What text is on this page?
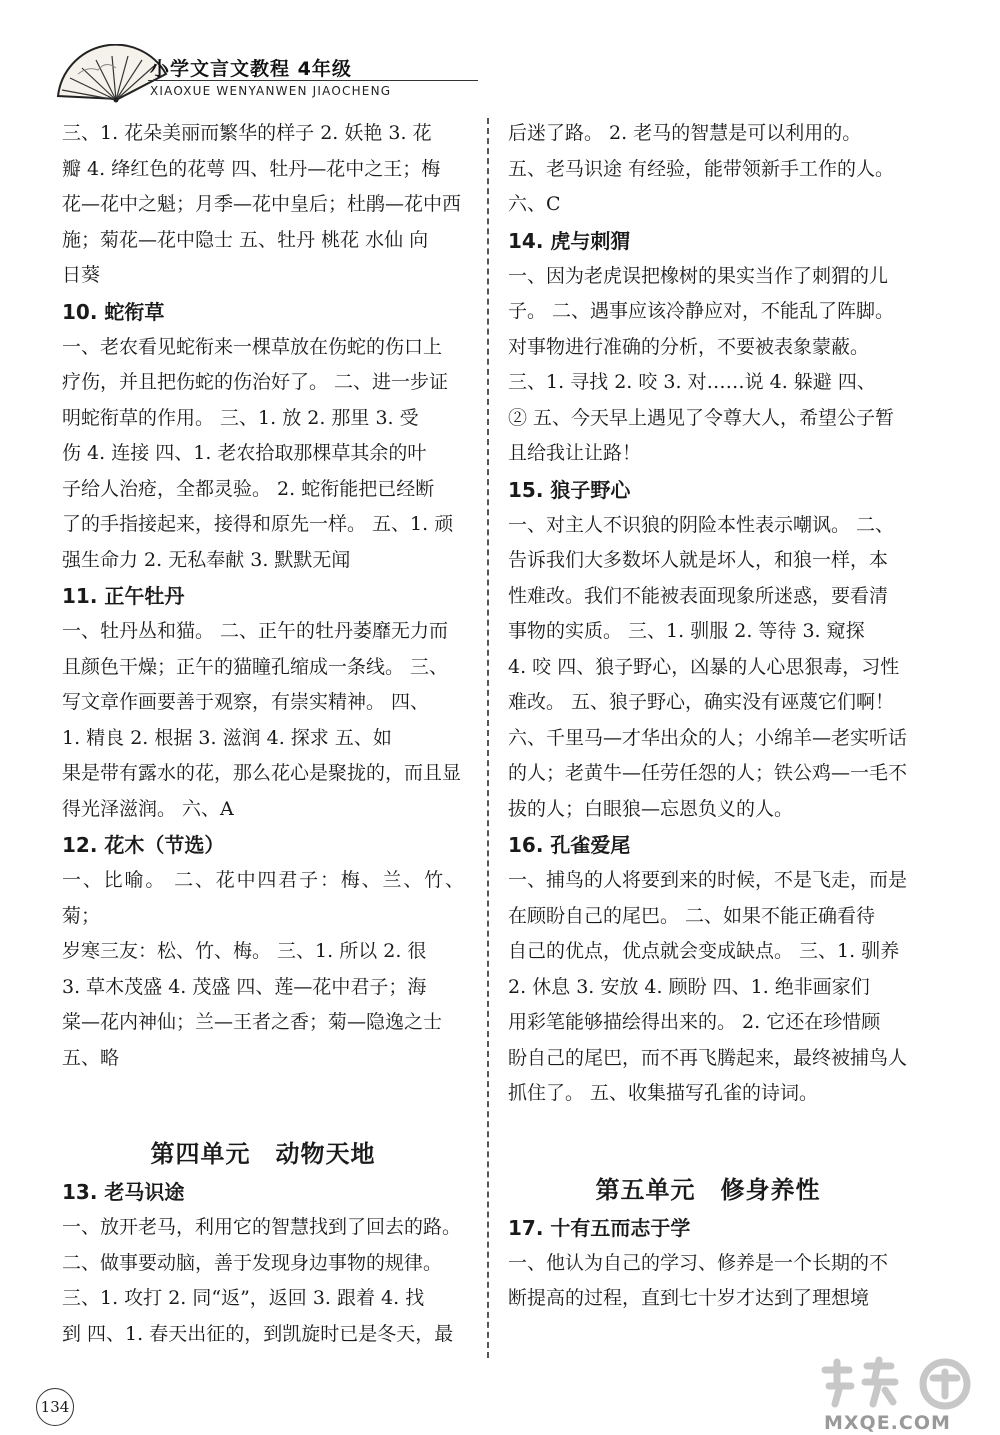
小学文言文教程 4年级
XIAOXUE WENYANWEN JIAOCHENG

三、1. 花朵美丽而繁华的样子 2. 妖艳 3. 花

瓣 4. 绛红色的花萼 四、牡丹—花中之王；梅

花—花中之魁；月季—花中皇后；杜鹃—花中西

施；菊花—花中隐士 五、牡丹 桃花 水仙 向

日葵

10. 蛇衔草

一、老农看见蛇衔来一棵草放在伤蛇的伤口上

疗伤，并且把伤蛇的伤治好了。 二、进一步证

明蛇衔草的作用。 三、1. 放 2. 那里 3. 受

伤 4. 连接 四、1. 老农拾取那棵草其余的叶

子给人治疮，全都灵验。 2. 蛇衔能把已经断

了的手指接起来，接得和原先一样。 五、1. 顽

强生命力 2. 无私奉献 3. 默默无闻

11. 正午牡丹

一、牡丹丛和猫。 二、正午的牡丹萎靡无力而

且颜色干燥；正午的猫瞳孔缩成一条线。 三、

写文章作画要善于观察，有崇实精神。 四、

1. 精良 2. 根据 3. 滋润 4. 探求 五、如

果是带有露水的花，那么花心是聚拢的，而且显

得光泽滋润。 六、A

12. 花木（节选）

一、比喻。 二、花中四君子：梅、兰、竹、菊；

岁寒三友：松、竹、梅。 三、1. 所以 2. 很

3. 草木茂盛 4. 茂盛 四、莲—花中君子；海

棠—花内神仙；兰—王者之香；菊—隐逸之士

五、略

第四单元　动物天地

13. 老马识途

一、放开老马，利用它的智慧找到了回去的路。

二、做事要动脑，善于发现身边事物的规律。

三、1. 攻打 2. 同“返”，返回 3. 跟着 4. 找

到 四、1. 春天出征的，到凯旋时已是冬天，最

后迷了路。 2. 老马的智慧是可以利用的。

五、老马识途 有经验，能带领新手工作的人。

六、C

14. 虎与刺猬

一、因为老虎误把橡树的果实当作了刺猬的儿

子。 二、遇事应该冷静应对，不能乱了阵脚。

对事物进行准确的分析，不要被表象蒙蔽。

三、1. 寻找 2. 咬 3. 对……说 4. 躲避 四、

② 五、今天早上遇见了令尊大人，希望公子暂

且给我让让路！

15. 狼子野心

一、对主人不识狼的阴险本性表示嘲讽。 二、

告诉我们大多数坏人就是坏人，和狼一样，本

性难改。我们不能被表面现象所迷惑，要看清

事物的实质。 三、1. 驯服 2. 等待 3. 窥探

4. 咬 四、狼子野心，凶暴的人心思狠毒，习性

难改。 五、狼子野心，确实没有诬蔑它们啊！

六、千里马—才华出众的人；小绵羊—老实听话

的人；老黄牛—任劳任怨的人；铁公鸡—一毛不

拔的人；白眼狼—忘恩负义的人。

16. 孔雀爱尾

一、捕鸟的人将要到来的时候，不是飞走，而是

在顾盼自己的尾巴。 二、如果不能正确看待

自己的优点，优点就会变成缺点。 三、1. 驯养

2. 休息 3. 安放 4. 顾盼 四、1. 绝非画家们

用彩笔能够描绘得出来的。 2. 它还在珍惜顾

盼自己的尾巴，而不再飞腾起来，最终被捕鸟人

抓住了。 五、收集描写孔雀的诗词。

第五单元　修身养性

17. 十有五而志于学

一、他认为自己的学习、修养是一个长期的不

断提高的过程，直到七十岁才达到了理想境

134
MXQE.COM
